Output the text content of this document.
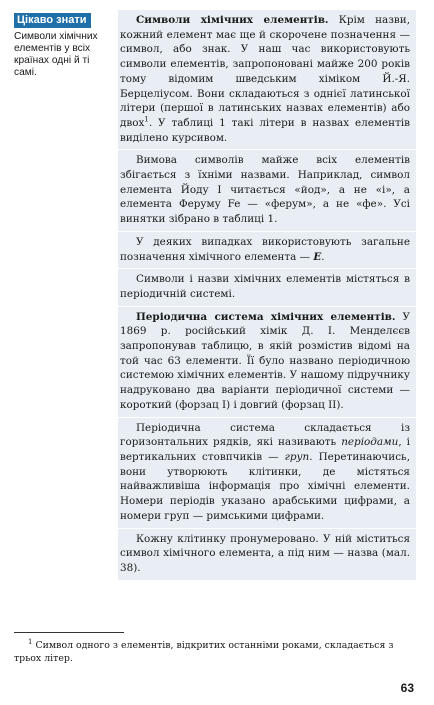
Цікаво знати
Символи хімічних елементів у всіх країнах однi й ті самі.

Символи хімічних елементів. Крім назви, кожний елемент має ще й скорочене позначення — символ, або знак. У наш час використовують символи елементів, запропоновані майже 200 років тому відомим шведським хіміком Й.-Я. Берцеліусом. Вони складаються з однієї латинської літери (першої в латинських назвах елементів) або двох$^1$. У таблиці 1 такі літери в назвах елементів виділено курсивом.

Вимова символів майже всіх елементів збігається з їхніми назвами. Наприклад, символ елемента Йоду I читається «йод», а не «і», а елемента Феруму Fe — «ферум», а не «фе». Усі винятки зібрано в таблиці 1.

У деяких випадках використовують загальне позначення хімічного елемента — E.

Символи і назви хімічних елементів містяться в періодичній системі.

Періодична система хімічних елементів. У 1869 р. російський хімік Д. І. Менделєєв запропонував таблицю, в якій розмістив відомі на той час 63 елементи. Її було названо періодичною системою хімічних елементів. У нашому підручнику надруковано два варіанти періодичної системи — короткий (форзац I) і довгий (форзац II).

Періодична система складається із горизонтальних рядків, які називають періодами, і вертикальних стовпчиків — груп. Перетинаючись, вони утворюють клітинки, де містяться найважливіша інформація про хімічні елементи. Номери періодів указано арабськими цифрами, а номери груп — римськими цифрами.

Кожну клітинку пронумеровано. У ній міститься символ хімічного елемента, а під ним — назва (мал. 38).

$^1$ Символ одного з елементів, відкритих останніми роками, складається з трьох літер.
63
